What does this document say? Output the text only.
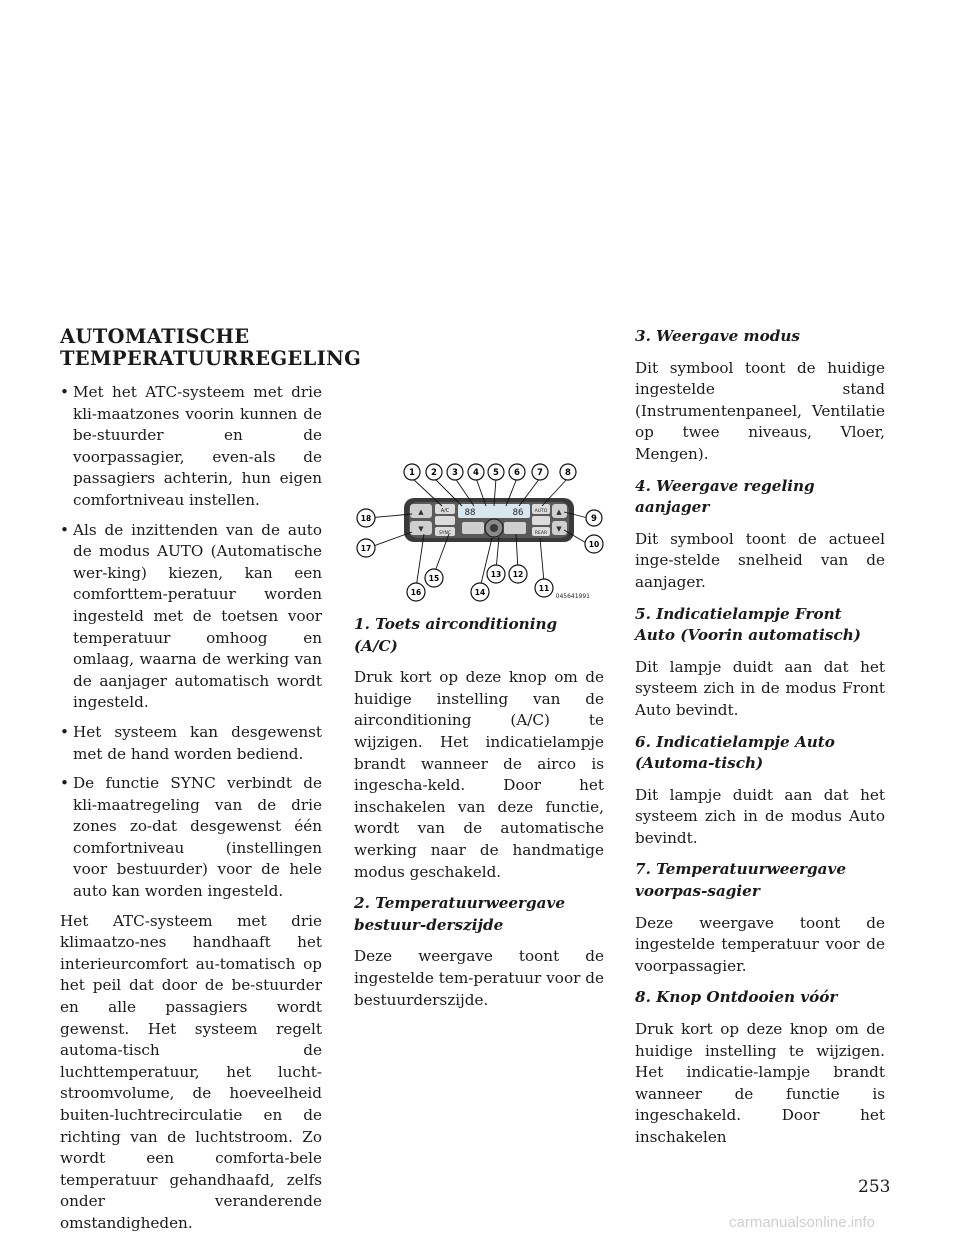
AUTOMATISCHE TEMPERATUURREGELING
• Met het ATC-systeem met drie kli-maatzones voorin kunnen de be-stuurder en de voorpassagier, even-als de passagiers achterin, hun eigen comfortniveau instellen.
• Als de inzittenden van de auto de modus AUTO (Automatische wer-king) kiezen, kan een comforttem-peratuur worden ingesteld met de toetsen voor temperatuur omhoog en omlaag, waarna de werking van de aanjager automatisch wordt ingesteld.
• Het systeem kan desgewenst met de hand worden bediend.
• De functie SYNC verbindt de kli-maatregeling van de drie zones zo-dat desgewenst één comfortniveau (instellingen voor bestuurder) voor de hele auto kan worden ingesteld.

Het ATC-systeem met drie klimaatzo-nes handhaaft het interieurcomfort au-tomatisch op het peil dat door de be-stuurder en alle passagiers wordt gewenst. Het systeem regelt automa-tisch de luchttemperatuur, het lucht-stroomvolume, de hoeveelheid buiten-luchtrecirculatie en de richting van de luchtstroom. Zo wordt een comforta-bele temperatuur gehandhaafd, zelfs onder veranderende omstandigheden.

▲
▼
A/C
SYNC
88	86 AUTO
REAR
▲
▼
1 2 3 4 5 6 7	8
9
10
11
12
13
14
15
16
17
18
045641991
1. Toets airconditioning (A/C)

Druk kort op deze knop om de huidige instelling van de airconditioning (A/C) te wijzigen. Het indicatielampje brandt wanneer de airco is ingescha-keld. Door het inschakelen van deze functie, wordt van de automatische werking naar de handmatige modus geschakeld.

2. Temperatuurweergave bestuur-derszijde

Deze weergave toont de ingestelde tem-peratuur voor de bestuurderszijde.

3. Weergave modus

Dit symbool toont de huidige ingestelde stand (Instrumentenpaneel, Ventilatie op twee niveaus, Vloer, Mengen).

4. Weergave regeling aanjager

Dit symbool toont de actueel inge-stelde snelheid van de aanjager.

5. Indicatielampje Front Auto (Voorin automatisch)

Dit lampje duidt aan dat het systeem zich in de modus Front Auto bevindt.

6. Indicatielampje Auto (Automa-tisch)

Dit lampje duidt aan dat het systeem zich in de modus Auto bevindt.

7. Temperatuurweergave voorpas-sagier

Deze weergave toont de ingestelde temperatuur voor de voorpassagier.

8. Knop Ontdooien vóór

Druk kort op deze knop om de huidige instelling te wijzigen. Het indicatie-lampje brandt wanneer de functie is ingeschakeld. Door het inschakelen

253
carmanualsonline.info
